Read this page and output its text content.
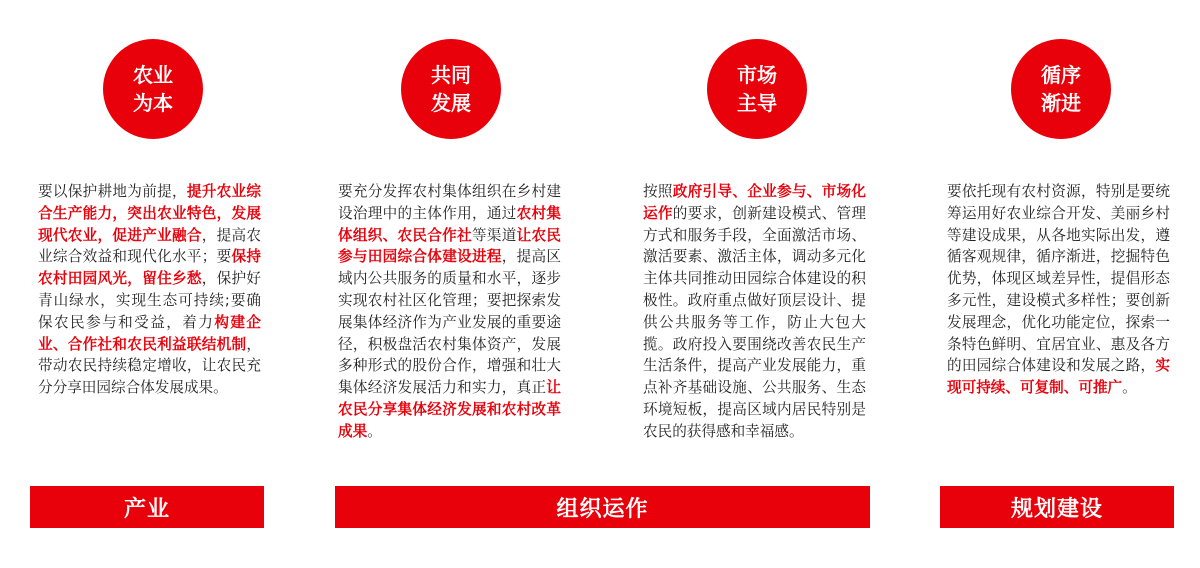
农业
为本
共同
发展
市场
主导
循序
渐进
要以保护耕地为前提，提升农业综合生产能力，突出农业特色，发展现代农业，促进产业融合，提高农业综合效益和现代化水平；要保持农村田园风光，留住乡愁，保护好青山绿水，实现生态可持续;要确保农民参与和受益，着力构建企业、合作社和农民利益联结机制，带动农民持续稳定增收，让农民充分分享田园综合体发展成果。
要充分发挥农村集体组织在乡村建设治理中的主体作用，通过农村集体组织、农民合作社等渠道让农民参与田园综合体建设进程，提高区域内公共服务的质量和水平，逐步实现农村社区化管理；要把探索发展集体经济作为产业发展的重要途径，积极盘活农村集体资产，发展多种形式的股份合作，增强和壮大集体经济发展活力和实力，真正让农民分享集体经济发展和农村改革成果。
按照政府引导、企业参与、市场化运作的要求，创新建设模式、管理方式和服务手段，全面激活市场、激活要素、激活主体，调动多元化主体共同推动田园综合体建设的积极性。政府重点做好顶层设计、提供公共服务等工作，防止大包大揽。政府投入要围绕改善农民生产生活条件，提高产业发展能力，重点补齐基础设施、公共服务、生态环境短板，提高区域内居民特别是农民的获得感和幸福感。
要依托现有农村资源，特别是要统筹运用好农业综合开发、美丽乡村等建设成果，从各地实际出发，遵循客观规律，循序渐进，挖掘特色优势，体现区域差异性，提倡形态多元性，建设模式多样性；要创新发展理念，优化功能定位，探索一条特色鲜明、宜居宜业、惠及各方的田园综合体建设和发展之路，实现可持续、可复制、可推广。
产业	组织运作	规划建设
